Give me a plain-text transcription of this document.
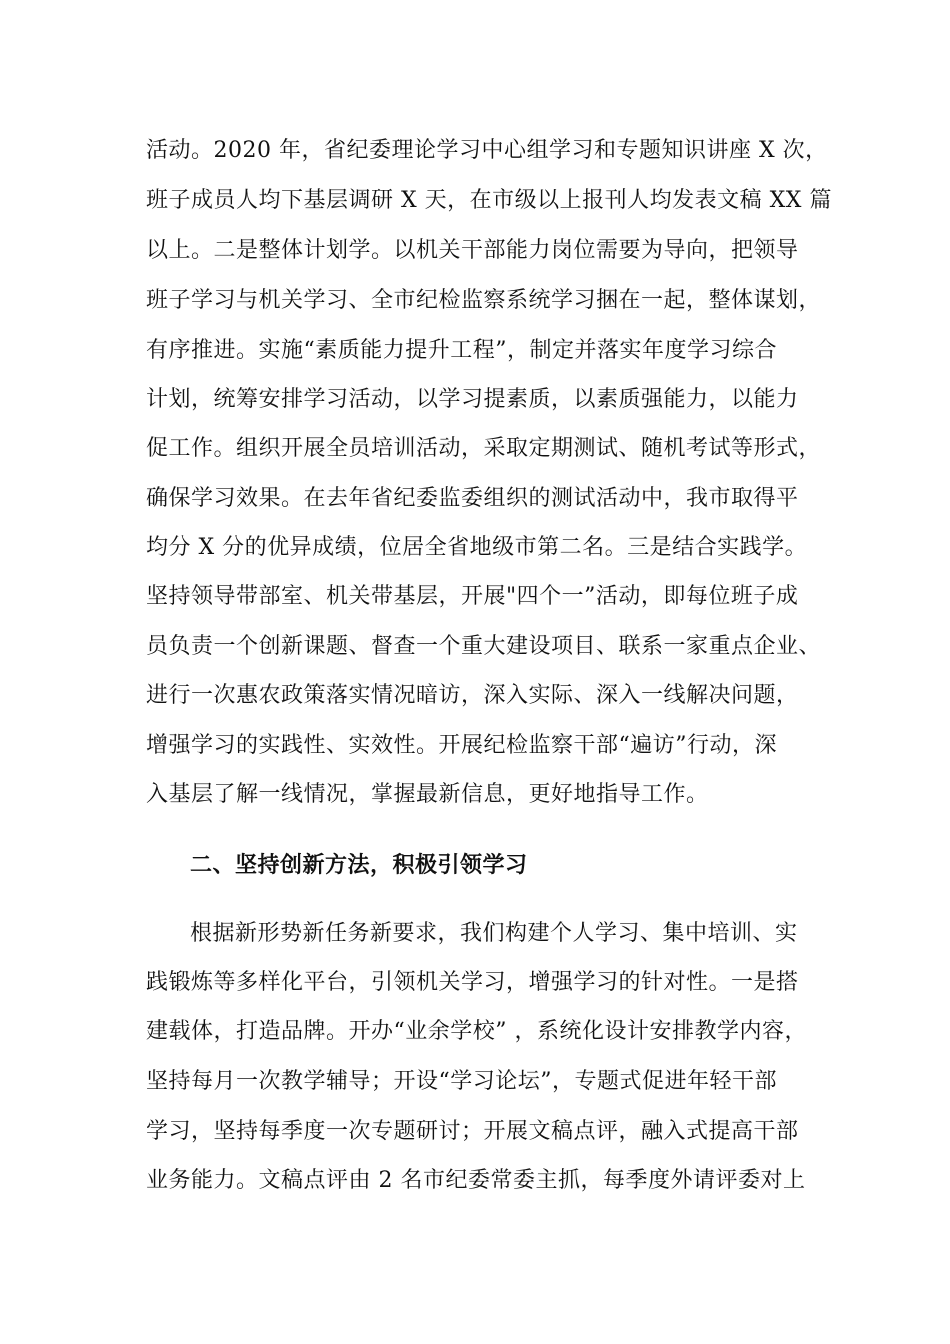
活动。2020 年，省纪委理论学习中心组学习和专题知识讲座 X 次，
班子成员人均下基层调研 X 天，在市级以上报刊人均发表文稿 XX 篇
以上。二是整体计划学。以机关干部能力岗位需要为导向，把领导
班子学习与机关学习、全市纪检监察系统学习捆在一起，整体谋划，
有序推进。实施“素质能力提升工程”，制定并落实年度学习综合
计划，统筹安排学习活动，以学习提素质，以素质强能力，以能力
促工作。组织开展全员培训活动，采取定期测试、随机考试等形式，
确保学习效果。在去年省纪委监委组织的测试活动中，我市取得平
均分 X 分的优异成绩，位居全省地级市第二名。三是结合实践学。
坚持领导带部室、机关带基层，开展"四个一”活动，即每位班子成
员负责一个创新课题、督查一个重大建设项目、联系一家重点企业、
进行一次惠农政策落实情况暗访，深入实际、深入一线解决问题，
增强学习的实践性、实效性。开展纪检监察干部“遍访”行动，深
入基层了解一线情况，掌握最新信息，更好地指导工作。
二、坚持创新方法，积极引领学习
根据新形势新任务新要求，我们构建个人学习、集中培训、实
践锻炼等多样化平台，引领机关学习，增强学习的针对性。一是搭
建载体，打造品牌。开办“业余学校” ，系统化设计安排教学内容，
坚持每月一次教学辅导；开设“学习论坛”，专题式促进年轻干部
学习，坚持每季度一次专题研讨；开展文稿点评，融入式提高干部
业务能力。文稿点评由 2 名市纪委常委主抓，每季度外请评委对上
